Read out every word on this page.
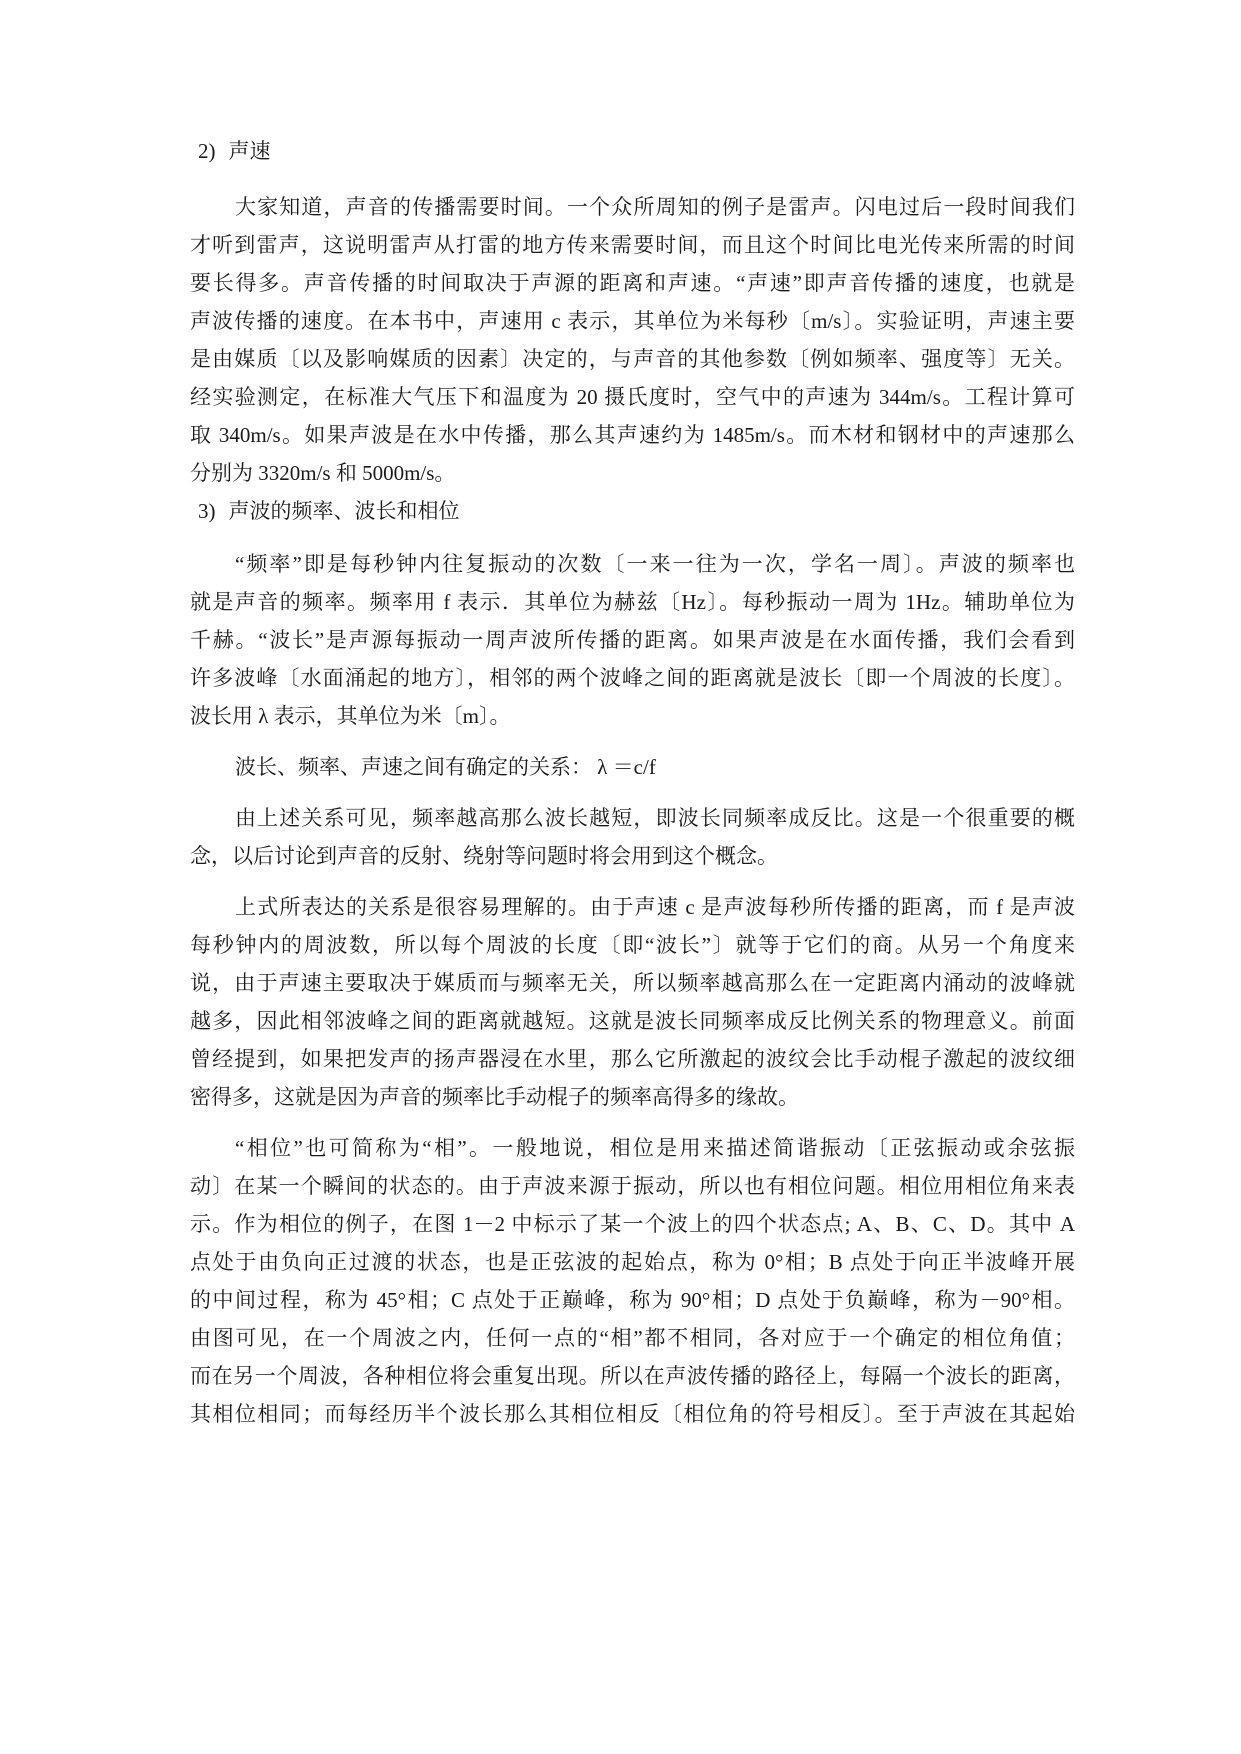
2) 声速
大家知道，声音的传播需要时间。一个众所周知的例子是雷声。闪电过后一段时间我们
才听到雷声，这说明雷声从打雷的地方传来需要时间，而且这个时间比电光传来所需的时间
要长得多。声音传播的时间取决于声源的距离和声速。“声速”即声音传播的速度，也就是
声波传播的速度。在本书中，声速用 c 表示，其单位为米每秒〔m/s〕。实验证明，声速主要
是由媒质〔以及影响媒质的因素〕决定的，与声音的其他参数〔例如频率、强度等〕无关。
经实验测定，在标准大气压下和温度为 20 摄氏度时，空气中的声速为 344m/s。工程计算可
取 340m/s。如果声波是在水中传播，那么其声速约为 1485m/s。而木材和钢材中的声速那么
分别为 3320m/s 和 5000m/s。
3) 声波的频率、波长和相位
“频率”即是每秒钟内往复振动的次数〔一来一往为一次，学名一周〕。声波的频率也
就是声音的频率。频率用 f 表示．其单位为赫兹〔Hz〕。每秒振动一周为 1Hz。辅助单位为
千赫。“波长”是声源每振动一周声波所传播的距离。如果声波是在水面传播，我们会看到
许多波峰〔水面涌起的地方〕，相邻的两个波峰之间的距离就是波长〔即一个周波的长度〕。
波长用 λ 表示，其单位为米〔m〕。
波长、频率、声速之间有确定的关系： λ ＝c/f
由上述关系可见，频率越高那么波长越短，即波长同频率成反比。这是一个很重要的概
念，以后讨论到声音的反射、绕射等问题时将会用到这个概念。
上式所表达的关系是很容易理解的。由于声速 c 是声波每秒所传播的距离，而 f 是声波
每秒钟内的周波数，所以每个周波的长度〔即“波长”〕就等于它们的商。从另一个角度来
说，由于声速主要取决于媒质而与频率无关，所以频率越高那么在一定距离内涌动的波峰就
越多，因此相邻波峰之间的距离就越短。这就是波长同频率成反比例关系的物理意义。前面
曾经提到，如果把发声的扬声器浸在水里，那么它所激起的波纹会比手动棍子激起的波纹细
密得多，这就是因为声音的频率比手动棍子的频率高得多的缘故。
“相位”也可简称为“相”。一般地说，相位是用来描述简谐振动〔正弦振动或余弦振
动〕在某一个瞬间的状态的。由于声波来源于振动，所以也有相位问题。相位用相位角来表
示。作为相位的例子，在图 1－2 中标示了某一个波上的四个状态点; A、B、C、D。其中 A
点处于由负向正过渡的状态，也是正弦波的起始点，称为 0°相；B 点处于向正半波峰开展
的中间过程，称为 45°相；C 点处于正巅峰，称为 90°相；D 点处于负巅峰，称为－90°相。
由图可见，在一个周波之内，任何一点的“相”都不相同，各对应于一个确定的相位角值；
而在另一个周波，各种相位将会重复出现。所以在声波传播的路径上，每隔一个波长的距离，
其相位相同；而每经历半个波长那么其相位相反〔相位角的符号相反〕。至于声波在其起始
